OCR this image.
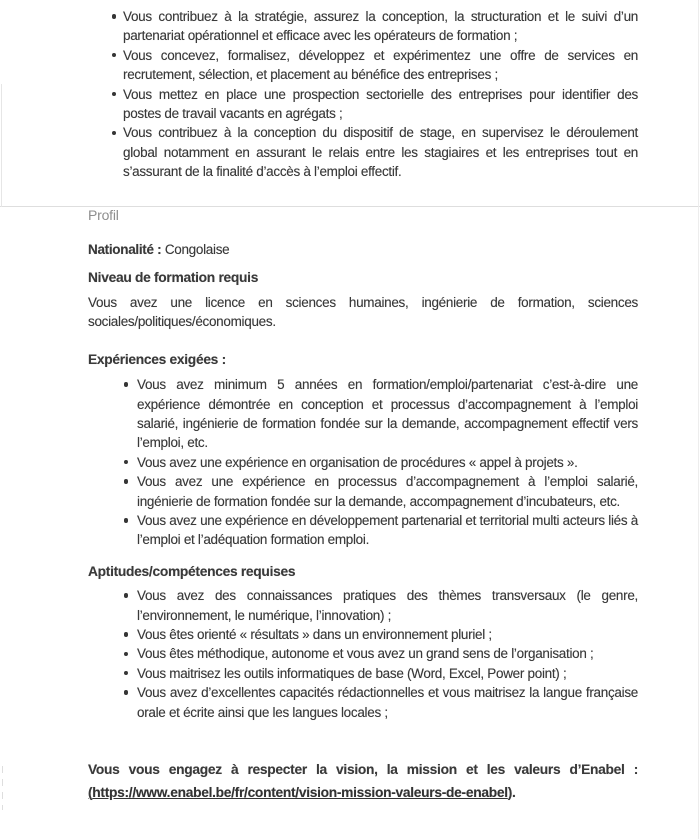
Vous contribuez à la stratégie, assurez la conception, la structuration et le suivi d’un partenariat opérationnel et efficace avec les opérateurs de formation ;
Vous concevez, formalisez, développez et expérimentez une offre de services en recrutement, sélection, et placement au bénéfice des entreprises ;
Vous mettez en place une prospection sectorielle des entreprises pour identifier des postes de travail vacants en agrégats ;
Vous contribuez à la conception du dispositif de stage, en supervisez le déroulement global notamment en assurant le relais entre les stagiaires et les entreprises tout en s’assurant de la finalité d’accès à l’emploi effectif.

Profil

Nationalité : Congolaise

Niveau de formation requis

Vous avez une licence en sciences humaines, ingénierie de formation, sciences sociales/politiques/économiques.

Expériences exigées :
Vous avez minimum 5 années en formation/emploi/partenariat c’est-à-dire une expérience démontrée en conception et processus d’accompagnement à l’emploi salarié, ingénierie de formation fondée sur la demande, accompagnement effectif vers l’emploi, etc.
Vous avez une expérience en organisation de procédures « appel à projets ».
Vous avez une expérience en processus d’accompagnement à l’emploi salarié, ingénierie de formation fondée sur la demande, accompagnement d’incubateurs, etc.
Vous avez une expérience en développement partenarial et territorial multi acteurs liés à l’emploi et l’adéquation formation emploi.
Aptitudes/compétences requises
Vous avez des connaissances pratiques des thèmes transversaux (le genre, l’environnement, le numérique, l’innovation) ;
Vous êtes orienté « résultats » dans un environnement pluriel ;
Vous êtes méthodique, autonome et vous avez un grand sens de l’organisation ;
Vous maitrisez les outils informatiques de base (Word, Excel, Power point) ;
Vous avez d’excellentes capacités rédactionnelles et vous maitrisez la langue française orale et écrite ainsi que les langues locales ;

Vous vous engagez à respecter la vision, la mission et les valeurs d’Enabel :(https://www.enabel.be/fr/content/vision-mission-valeurs-de-enabel).
